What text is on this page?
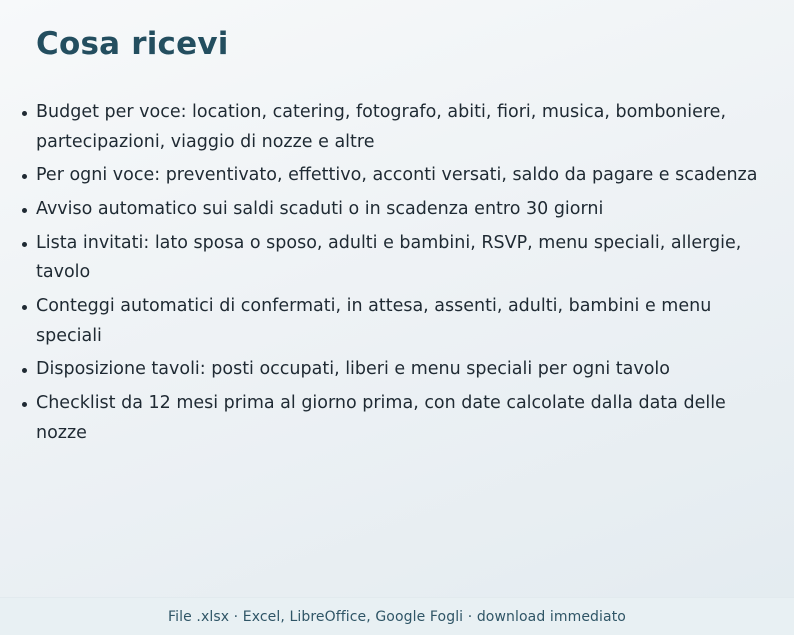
Cosa ricevi
Budget per voce: location, catering, fotografo, abiti, fiori, musica, bomboniere, partecipazioni, viaggio di nozze e altre
Per ogni voce: preventivato, effettivo, acconti versati, saldo da pagare e scadenza
Avviso automatico sui saldi scaduti o in scadenza entro 30 giorni
Lista invitati: lato sposa o sposo, adulti e bambini, RSVP, menu speciali, allergie, tavolo
Conteggi automatici di confermati, in attesa, assenti, adulti, bambini e menu speciali
Disposizione tavoli: posti occupati, liberi e menu speciali per ogni tavolo
Checklist da 12 mesi prima al giorno prima, con date calcolate dalla data delle nozze
File .xlsx · Excel, LibreOffice, Google Fogli · download immediato
